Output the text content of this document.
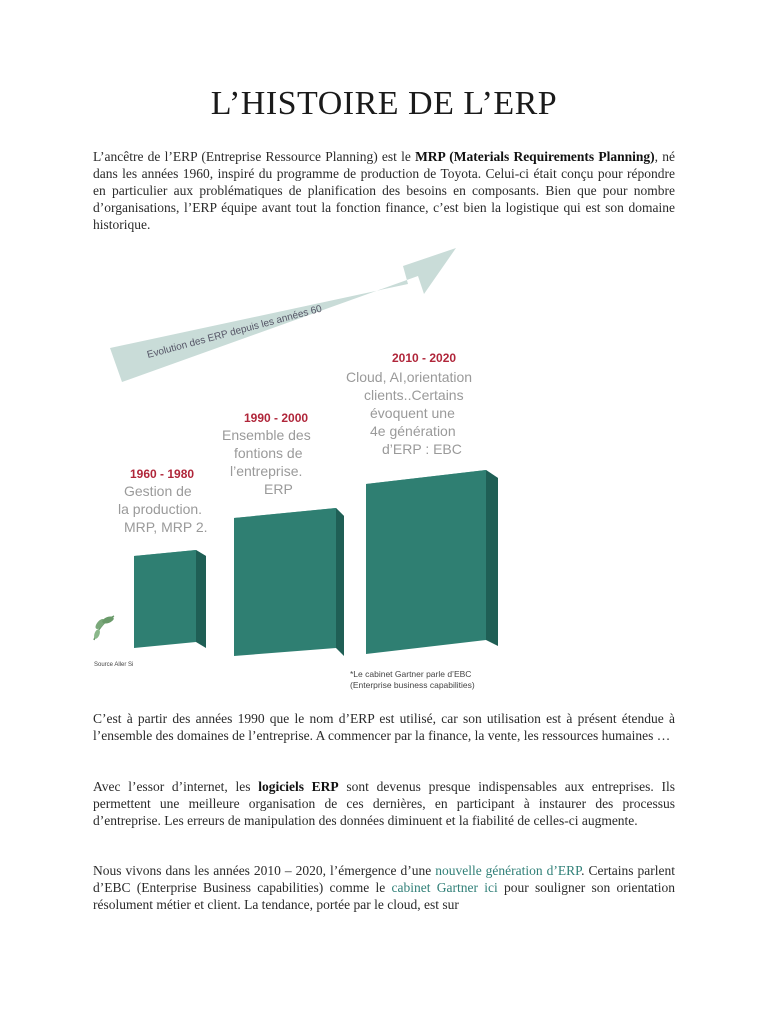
L’HISTOIRE DE L’ERP

L’ancêtre de l’ERP (Entreprise Ressource Planning) est le MRP (Materials Requirements Planning), né dans les années 1960, inspiré du programme de production de Toyota. Celui-ci était conçu pour répondre en particulier aux problématiques de planification des besoins en composants. Bien que pour nombre d’organisations, l’ERP équipe avant tout la fonction finance, c’est bien la logistique qui est son domaine historique.

Evolution des ERP depuis les années 60
1960 - 1980
Gestion de
la production.
MRP, MRP 2.
1990 - 2000
Ensemble des
fontions de
l’entreprise.
ERP
2010 - 2020
Cloud, AI,orientation
clients..Certains
évoquent une
4e génération
d’ERP : EBC
Source Aller Si
*Le cabinet Gartner parle d’EBC
(Enterprise business capabilities)

C’est à partir des années 1990 que le nom d’ERP est utilisé, car son utilisation est à présent étendue à l’ensemble des domaines de l’entreprise. A commencer par la finance, la vente, les ressources humaines …

Avec l’essor d’internet, les logiciels ERP sont devenus presque indispensables aux entreprises. Ils permettent une meilleure organisation de ces dernières, en participant à instaurer des processus d’entreprise. Les erreurs de manipulation des données diminuent et la fiabilité de celles-ci augmente.

Nous vivons dans les années 2010 – 2020, l’émergence d’une nouvelle génération d’ERP. Certains parlent d’EBC (Enterprise Business capabilities) comme le cabinet Gartner ici pour souligner son orientation résolument métier et client. La tendance, portée par le cloud, est sur
